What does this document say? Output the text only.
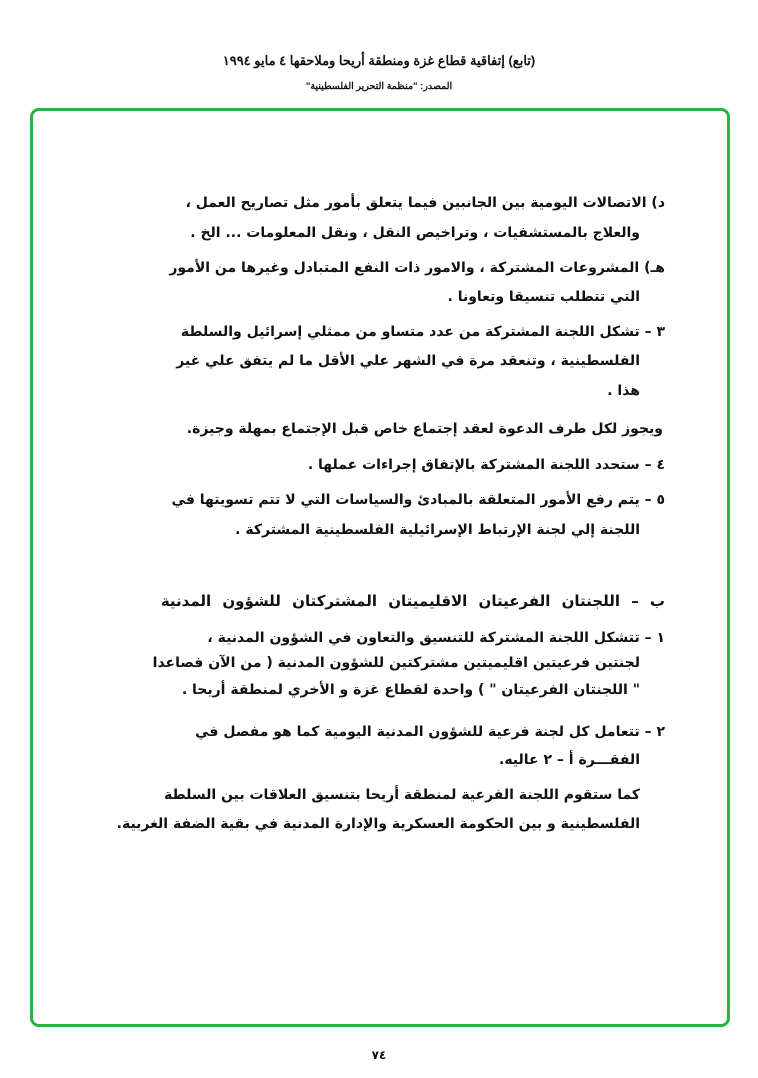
(تابع) إتفاقية قطاع غزة ومنطقة أريحا وملاحقها ٤ مايو ١٩٩٤
المصدر: "منظمة التحرير الفلسطينية"
د) الاتصالات اليومية بين الجانبين فيما يتعلق بأمور مثل تصاريح العمل ،
والعلاج بالمستشفيات ، وتراخيص النقل ، ونقل المعلومات ... الخ .
هـ) المشروعات المشتركة ، والامور ذات النفع المتبادل وغيرها من الأمور
التي تتطلب تنسيقا وتعاونا .
٣ – تشكل اللجنة المشتركة من عدد متساو من ممثلي إسرائيل والسلطة
الفلسطينية ، وتنعقد مرة في الشهر علي الأقل ما لم يتفق علي غير
هذا .
ويجوز لكل طرف الدعوة لعقد إجتماع خاص قبل الإجتماع بمهلة وجيزة.
٤ – ستحدد اللجنة المشتركة بالإتفاق إجراءات عملها .
٥ – يتم رفع الأمور المتعلقة بالمبادئ والسياسات التي لا تتم تسويتها في
اللجنة إلي لجنة الإرتباط الإسرائيلية الفلسطينية المشتركة .
ب – اللجنتان الفرعيتان الاقليميتان المشتركتان للشؤون المدنية
١ – تتشكل اللجنة المشتركة للتنسيق والتعاون في الشؤون المدنية ،
لجنتين فرعيتين اقليميتين مشتركتين للشؤون المدنية ( من الآن فصاعدا
" اللجنتان الفرعيتان " ) واحدة لقطاع غزة و الأخري لمنطقة أريحا .
٢ – تتعامل كل لجنة فرعية للشؤون المدنية اليومية كما هو مفصل في
الفقـــرة أ – ٢ عاليه.
كما ستقوم اللجنة الفرعية لمنطقة أريحا بتنسيق العلاقات بين السلطة
الفلسطينية و بين الحكومة العسكرية والإدارة المدنية في بقية الضفة الغربية.
٧٤
